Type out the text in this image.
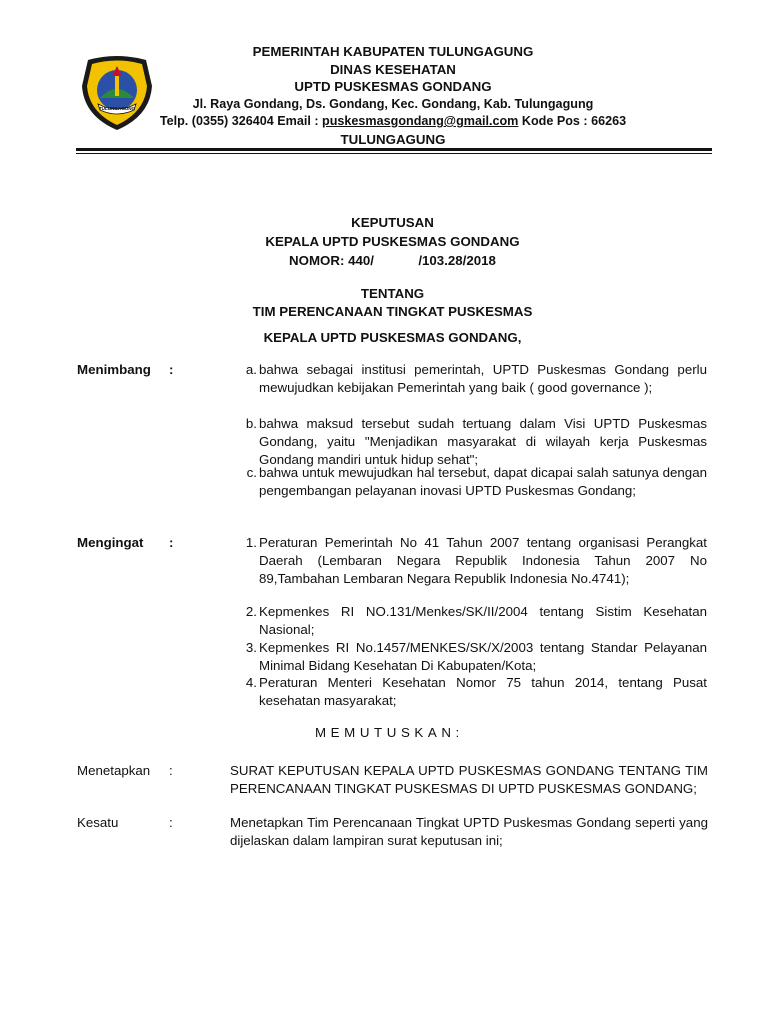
TULUNGAGUNG
PEMERINTAH KABUPATEN TULUNGAGUNG
DINAS KESEHATAN
UPTD PUSKESMAS GONDANG
Jl. Raya Gondang, Ds. Gondang, Kec. Gondang, Kab. Tulungagung
Telp. (0355) 326404 Email : puskesmasgondang@gmail.com Kode Pos : 66263
TULUNGAGUNG
KEPUTUSAN
KEPALA UPTD PUSKESMAS GONDANG
NOMOR: 440/            /103.28/2018
TENTANG
TIM PERENCANAAN TINGKAT PUSKESMAS
KEPALA UPTD PUSKESMAS GONDANG,
Menimbang :	a. bahwa sebagai institusi pemerintah, UPTD Puskesmas Gondang perlu mewujudkan kebijakan Pemerintah yang baik ( good governance );
b. bahwa maksud tersebut sudah tertuang dalam Visi UPTD Puskesmas Gondang, yaitu "Menjadikan masyarakat di wilayah kerja Puskesmas Gondang mandiri untuk hidup sehat";
c. bahwa untuk mewujudkan hal tersebut, dapat dicapai salah satunya dengan pengembangan pelayanan inovasi UPTD Puskesmas Gondang;
Mengingat :	1. Peraturan Pemerintah No 41 Tahun 2007 tentang organisasi Perangkat Daerah (Lembaran Negara Republik Indonesia Tahun 2007 No 89,Tambahan Lembaran Negara Republik Indonesia No.4741);
2. Kepmenkes RI NO.131/Menkes/SK/II/2004 tentang Sistim Kesehatan Nasional;
3. Kepmenkes RI No.1457/MENKES/SK/X/2003 tentang Standar Pelayanan Minimal Bidang Kesehatan Di Kabupaten/Kota;
4. Peraturan Menteri Kesehatan Nomor 75 tahun 2014, tentang Pusat kesehatan masyarakat;
MEMUTUSKAN:
Menetapkan :	SURAT KEPUTUSAN KEPALA UPTD PUSKESMAS GONDANG TENTANG TIM PERENCANAAN TINGKAT PUSKESMAS DI UPTD PUSKESMAS GONDANG;
Kesatu	:	Menetapkan Tim Perencanaan Tingkat UPTD Puskesmas Gondang seperti yang dijelaskan dalam lampiran surat keputusan ini;
